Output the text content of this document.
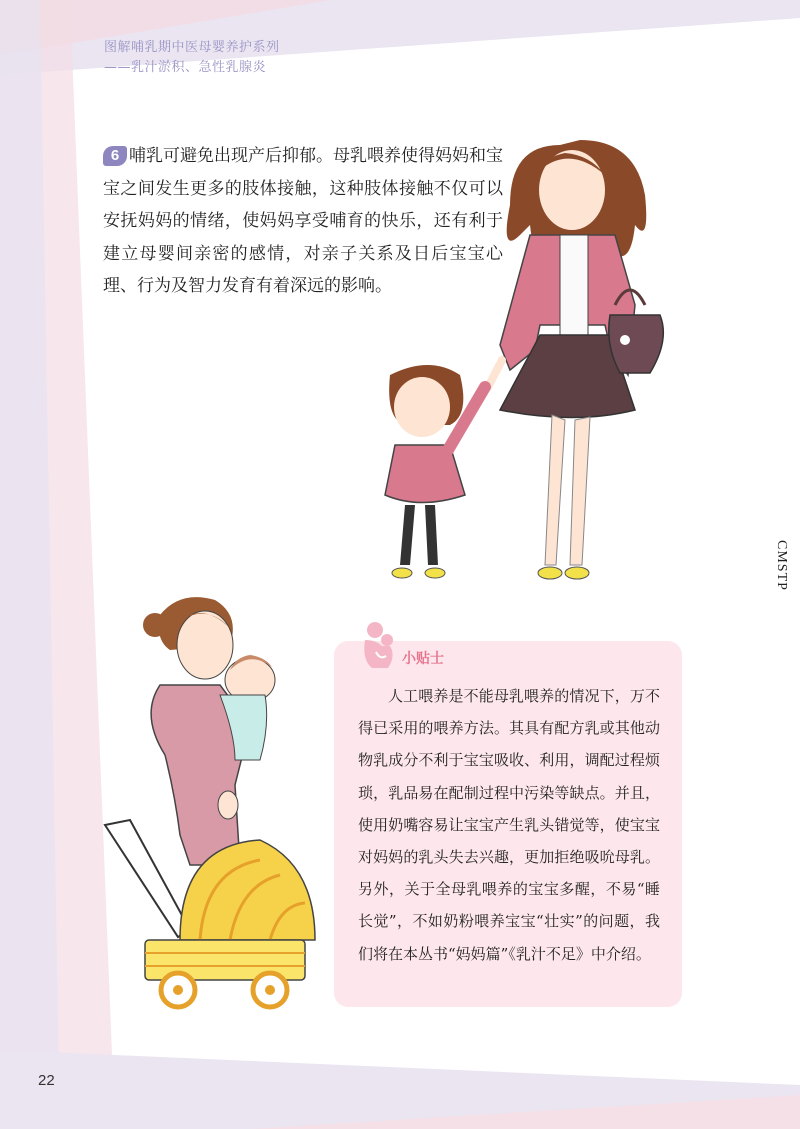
图解哺乳期中医母婴养护系列
——乳汁淤积、急性乳腺炎
CMSTP
6 哺乳可避免出现产后抑郁。母乳喂养使得妈妈和宝宝之间发生更多的肢体接触，这种肢体接触不仅可以安抚妈妈的情绪，使妈妈享受哺育的快乐，还有利于建立母婴间亲密的感情，对亲子关系及日后宝宝心理、行为及智力发育有着深远的影响。
小贴士

人工喂养是不能母乳喂养的情况下，万不得已采用的喂养方法。其具有配方乳或其他动物乳成分不利于宝宝吸收、利用，调配过程烦琐，乳品易在配制过程中污染等缺点。并且，使用奶嘴容易让宝宝产生乳头错觉等，使宝宝对妈妈的乳头失去兴趣，更加拒绝吸吮母乳。另外，关于全母乳喂养的宝宝多醒，不易“睡长觉”，不如奶粉喂养宝宝“壮实”的问题，我们将在本丛书“妈妈篇”《乳汁不足》中介绍。

22
